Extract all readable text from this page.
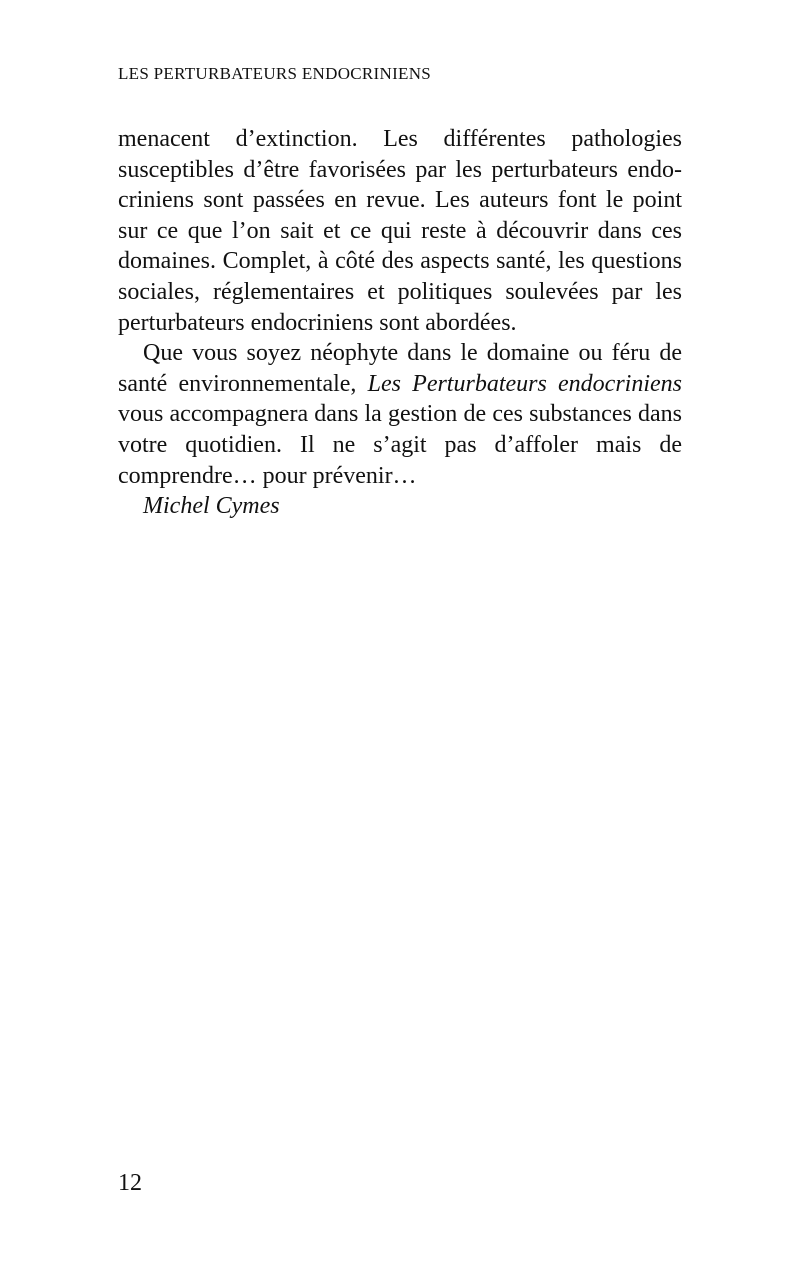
LES PERTURBATEURS ENDOCRINIENS

menacent d’extinction. Les différentes pathologies susceptibles d’être favorisées par les perturbateurs endocriniens sont passées en revue. Les auteurs font le point sur ce que l’on sait et ce qui reste à découvrir dans ces domaines. Complet, à côté des aspects santé, les questions sociales, réglementaires et politiques soulevées par les perturbateurs endocriniens sont abordées.

Que vous soyez néophyte dans le domaine ou féru de santé environnementale, Les Perturbateurs endocriniens vous accompagnera dans la gestion de ces substances dans votre quotidien. Il ne s’agit pas d’affoler mais de comprendre… pour prévenir…

Michel Cymes

12
